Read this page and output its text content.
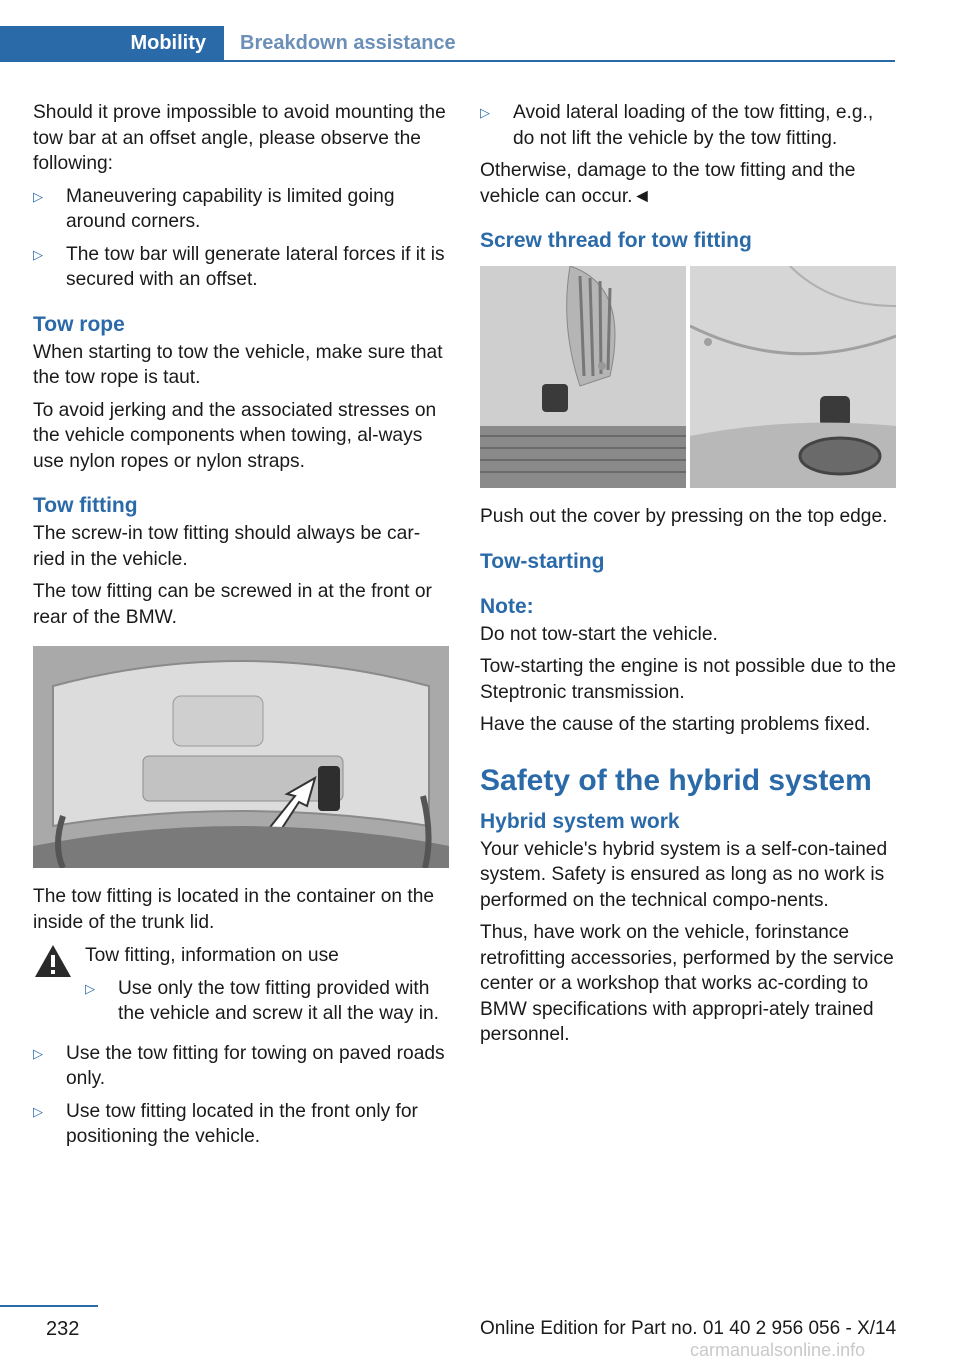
Mobility Breakdown assistance

Should it prove impossible to avoid mounting the tow bar at an offset angle, please observe the following:

▷	Maneuvering capability is limited going around corners.
▷	The tow bar will generate lateral forces if it is secured with an offset.
Tow rope

When starting to tow the vehicle, make sure that the tow rope is taut.

To avoid jerking and the associated stresses on the vehicle components when towing, al-ways use nylon ropes or nylon straps.

Tow fitting

The screw-in tow fitting should always be car-ried in the vehicle.

The tow fitting can be screwed in at the front or rear of the BMW.

The tow fitting is located in the container on the inside of the trunk lid.

Tow fitting, information on use

▷	Use only the tow fitting provided with the vehicle and screw it all the way in.
▷	Use the tow fitting for towing on paved roads only.
▷	Use tow fitting located in the front only for positioning the vehicle.
▷	Avoid lateral loading of the tow fitting, e.g., do not lift the vehicle by the tow fitting.

Otherwise, damage to the tow fitting and the vehicle can occur.◄

Screw thread for tow fitting

Push out the cover by pressing on the top edge.

Tow-starting
Note:

Do not tow-start the vehicle.

Tow-starting the engine is not possible due to the Steptronic transmission.

Have the cause of the starting problems fixed.

Safety of the hybrid system
Hybrid system work

Your vehicle's hybrid system is a self-con-tained system. Safety is ensured as long as no work is performed on the technical compo-nents.

Thus, have work on the vehicle, forinstance retrofitting accessories, performed by the service center or a workshop that works ac-cording to BMW specifications with appropri-ately trained personnel.

232	Online Edition for Part no. 01 40 2 956 056 - X/14
carmanualsonline.info
